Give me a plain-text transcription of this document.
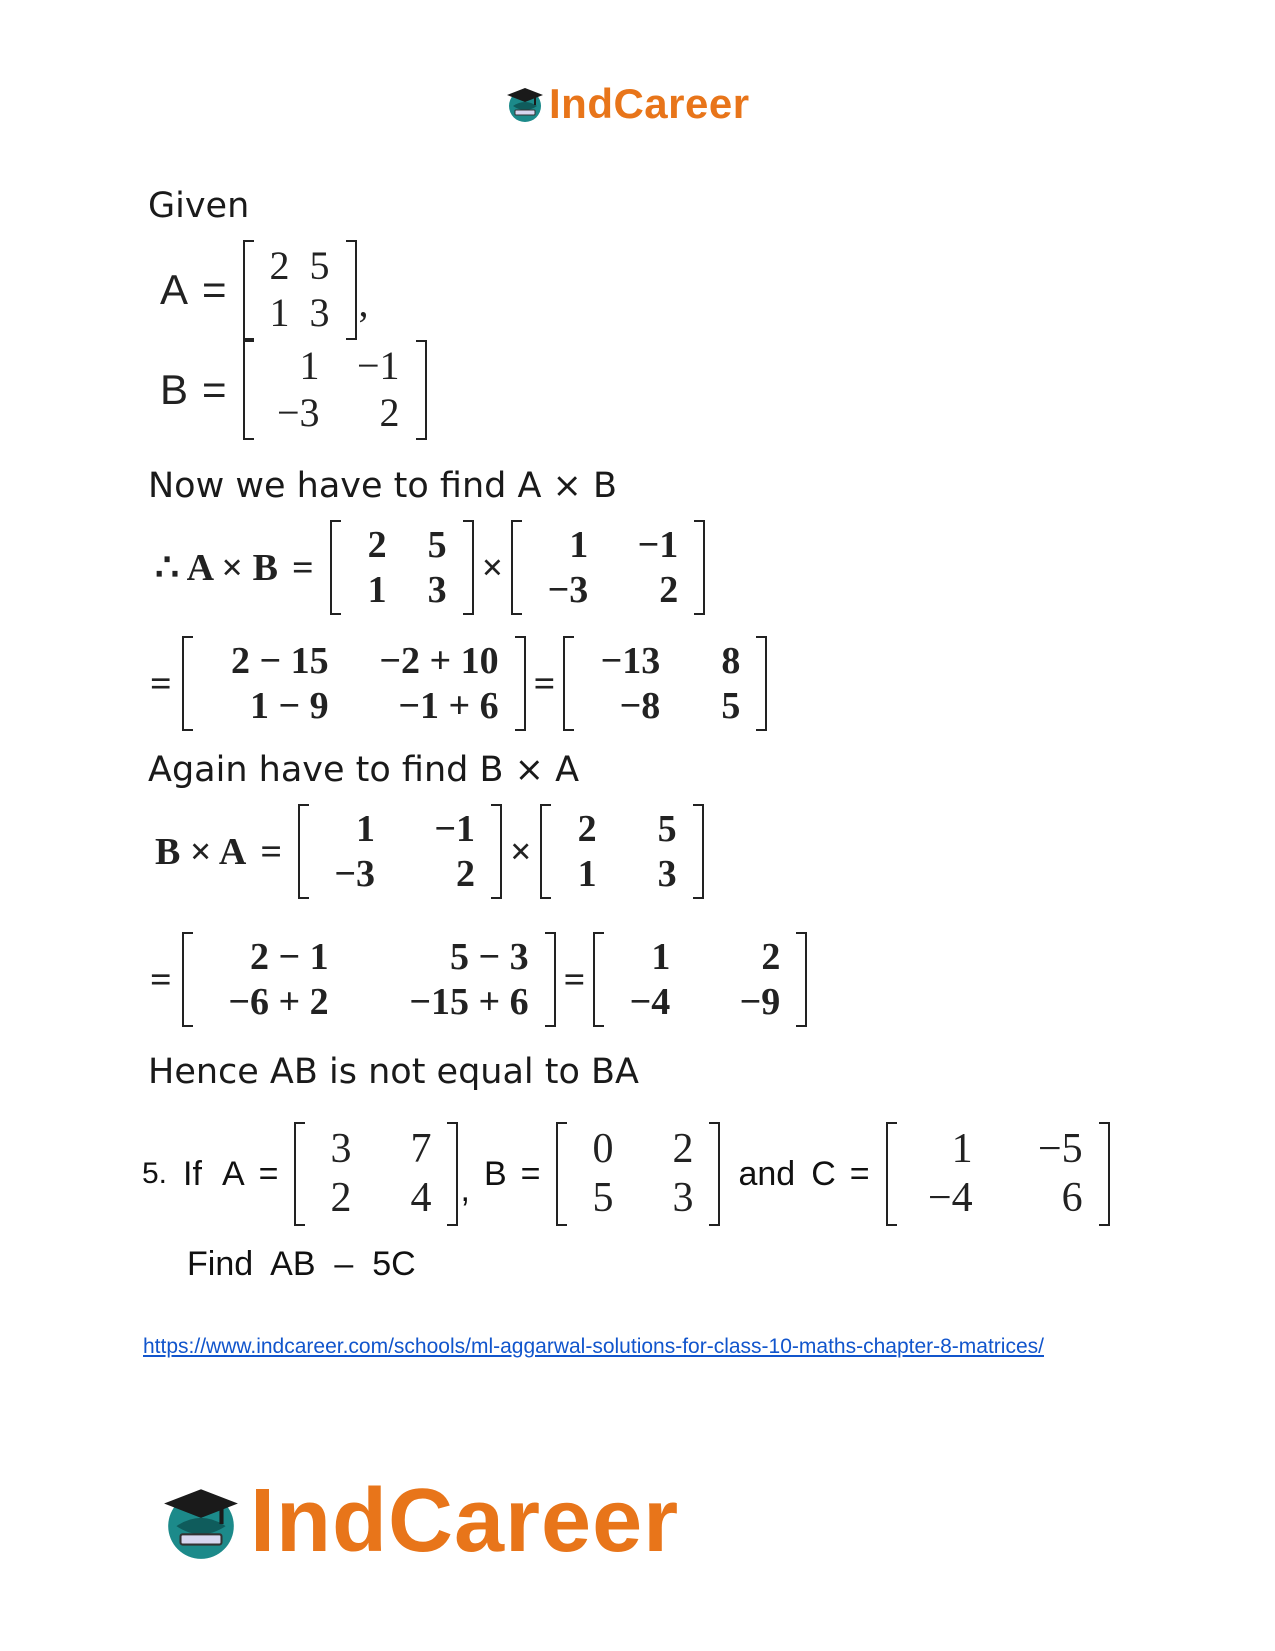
IndCareer
Given
A =
2 5
1 3 ,
B =
1 −1
−3	2
Now we have to find A × B
∴ A × B =
2	5
1	3
×
1	−1
−3	2
=
2 − 15	−2 + 10
1 − 9	−1 + 6
=
−13	8
−8	5
Again have to find B × A
B × A =
1	−1
−3	2
×
2	5
1	3
=
2 − 1	5 − 3
−6 + 2	−15 + 6
=
1	2
−4	−9
Hence AB is not equal to BA
5. If A =
3	7
2	4 , B =
0	2
5	3
and C =
1	−5
−4	6
Find  AB  –  5C
https://www.indcareer.com/schools/ml-aggarwal-solutions-for-class-10-maths-chapter-8-matrices/
IndCareer
